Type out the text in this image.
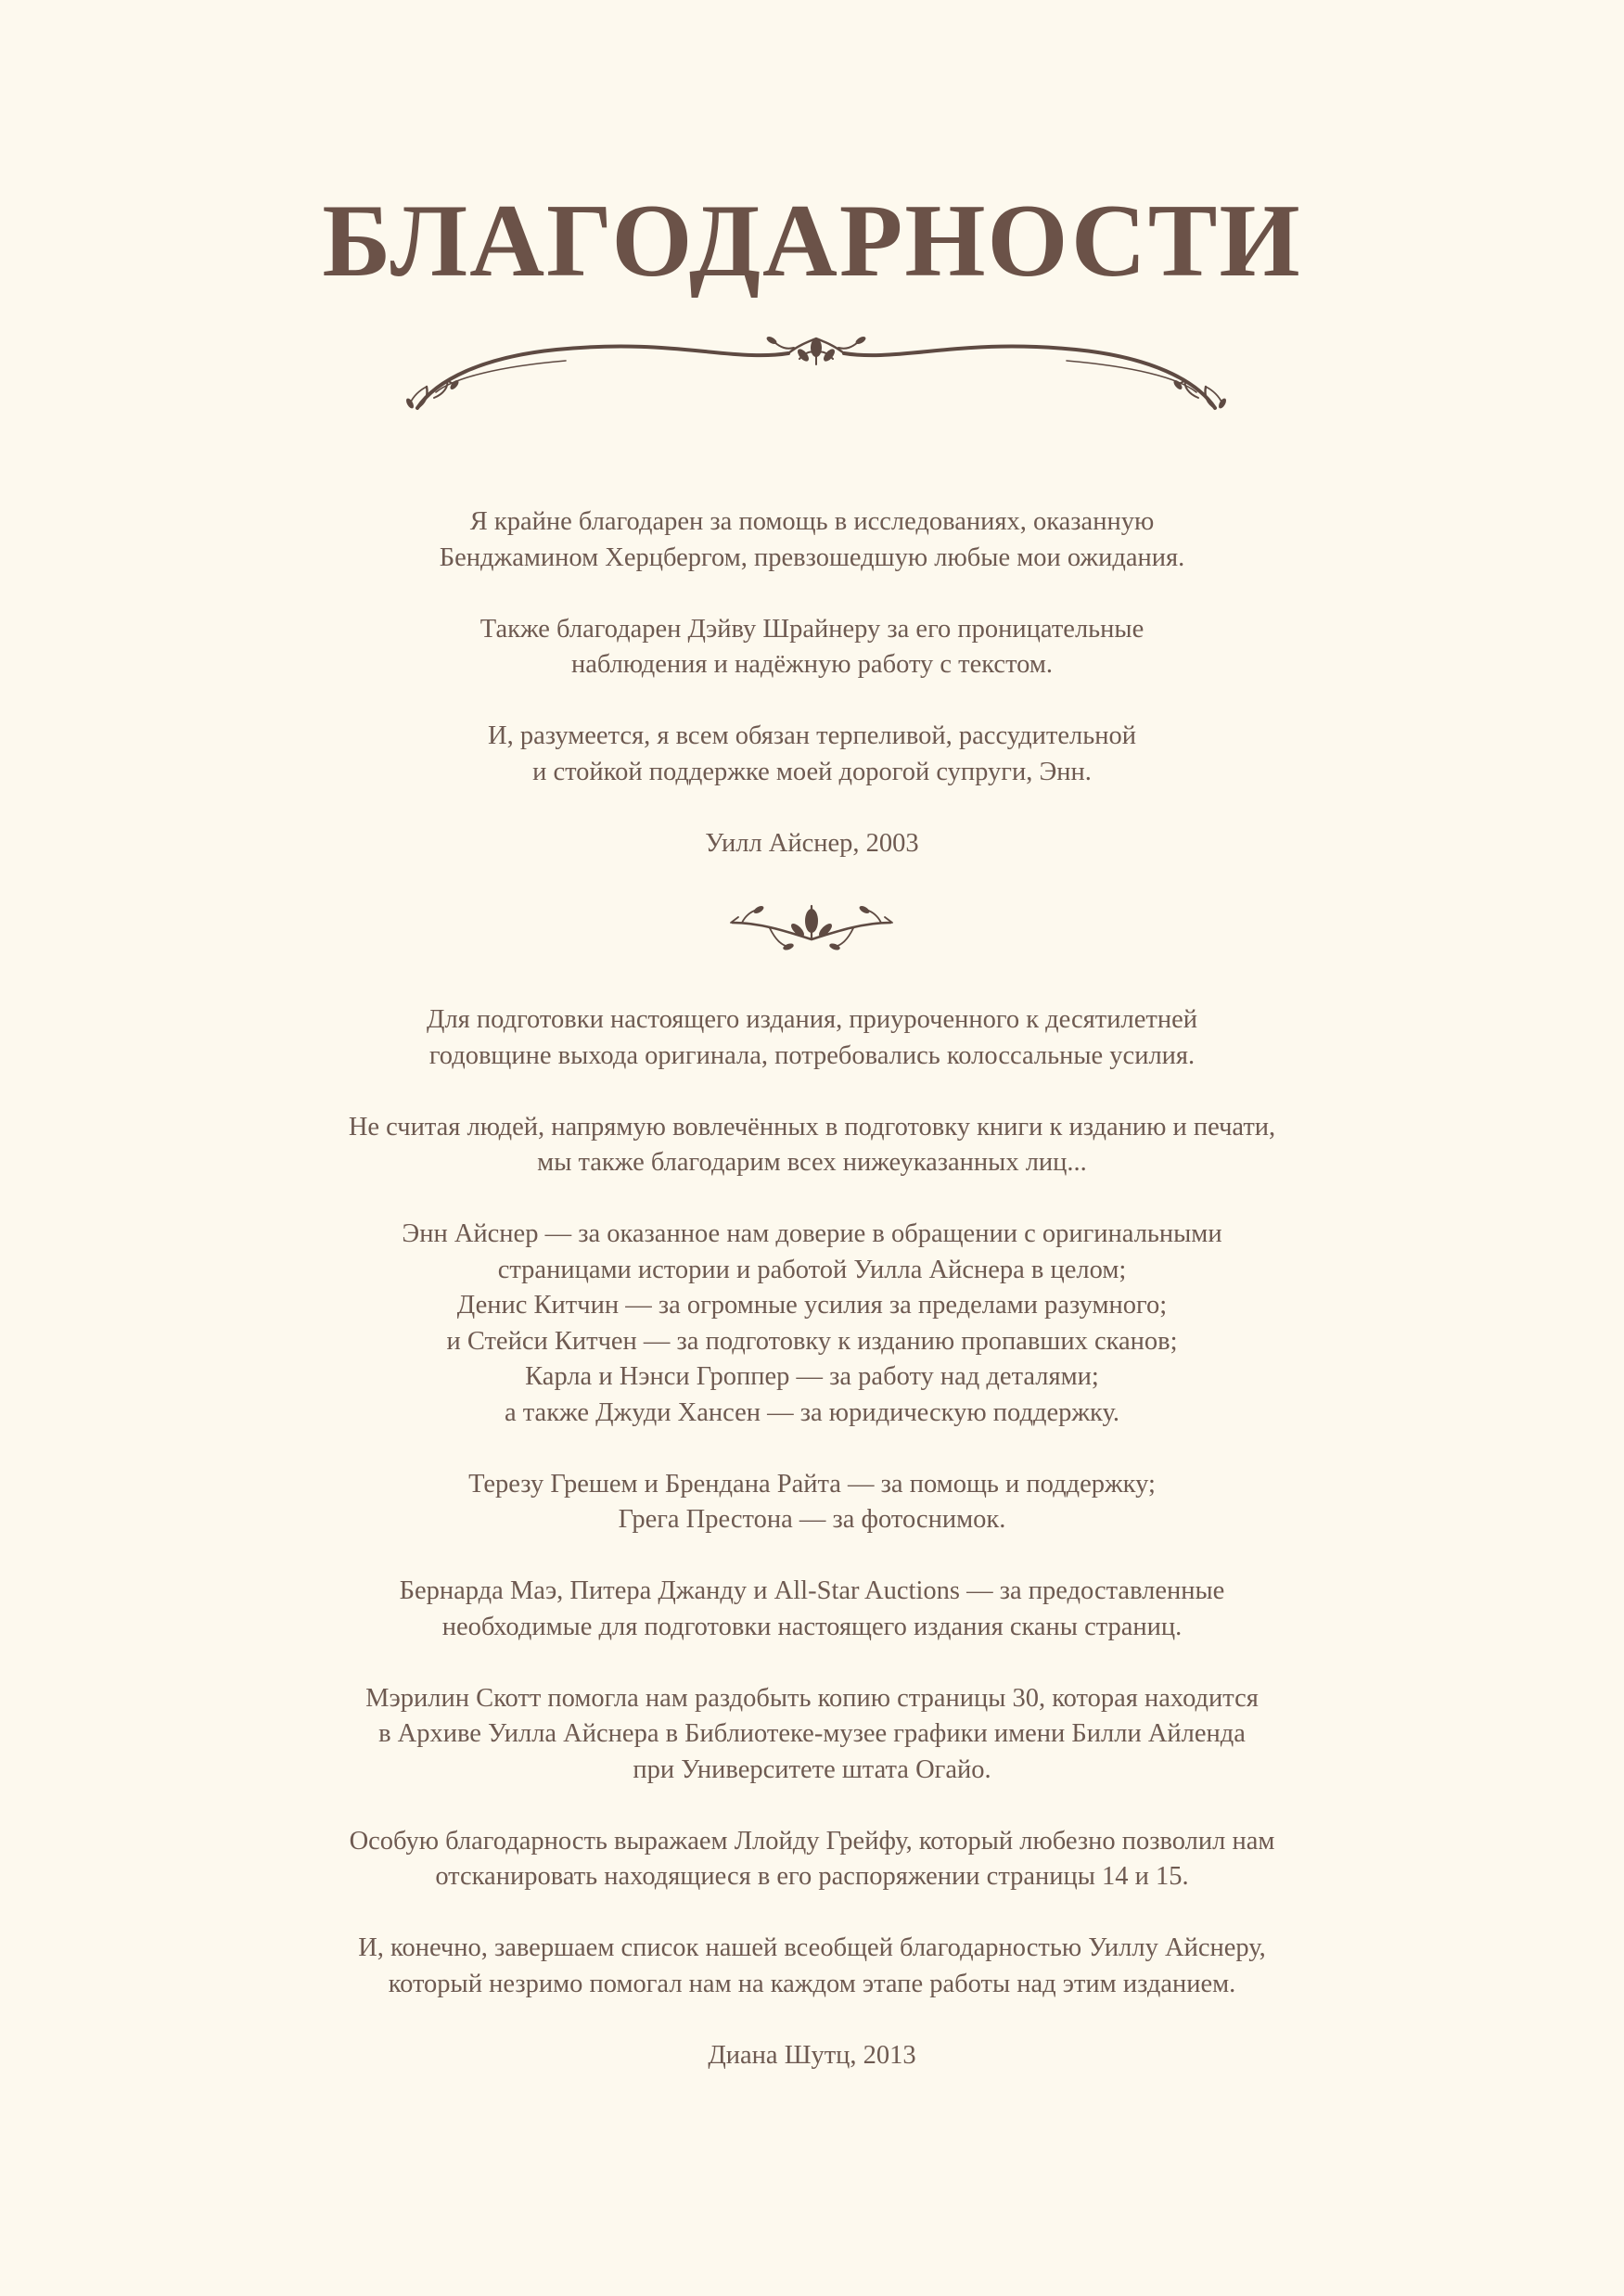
БЛАГОДАРНОСТИ

Я крайне благодарен за помощь в исследованиях, оказанную
Бенджамином Херцбергом, превзошедшую любые мои ожидания.

Также благодарен Дэйву Шрайнеру за его проницательные
наблюдения и надёжную работу с текстом.

И, разумеется, я всем обязан терпеливой, рассудительной
и стойкой поддержке моей дорогой супруги, Энн.

Уилл Айснер, 2003

Для подготовки настоящего издания, приуроченного к десятилетней
годовщине выхода оригинала, потребовались колоссальные усилия.

Не считая людей, напрямую вовлечённых в подготовку книги к изданию и печати,
мы также благодарим всех нижеуказанных лиц...

Энн Айснер — за оказанное нам доверие в обращении с оригинальными
страницами истории и работой Уилла Айснера в целом;
Денис Китчин — за огромные усилия за пределами разумного;
и Стейси Китчен — за подготовку к изданию пропавших сканов;
Карла и Нэнси Гроппер — за работу над деталями;
а также Джуди Хансен — за юридическую поддержку.

Терезу Грешем и Брендана Райта — за помощь и поддержку;
Грега Престона — за фотоснимок.

Бернарда Маэ, Питера Джанду и All-Star Auctions — за предоставленные
необходимые для подготовки настоящего издания сканы страниц.

Мэрилин Скотт помогла нам раздобыть копию страницы 30, которая находится
в Архиве Уилла Айснера в Библиотеке-музее графики имени Билли Айленда
при Университете штата Огайо.

Особую благодарность выражаем Ллойду Грейфу, который любезно позволил нам
отсканировать находящиеся в его распоряжении страницы 14 и 15.

И, конечно, завершаем список нашей всеобщей благодарностью Уиллу Айснеру,
который незримо помогал нам на каждом этапе работы над этим изданием.

Диана Шутц, 2013
